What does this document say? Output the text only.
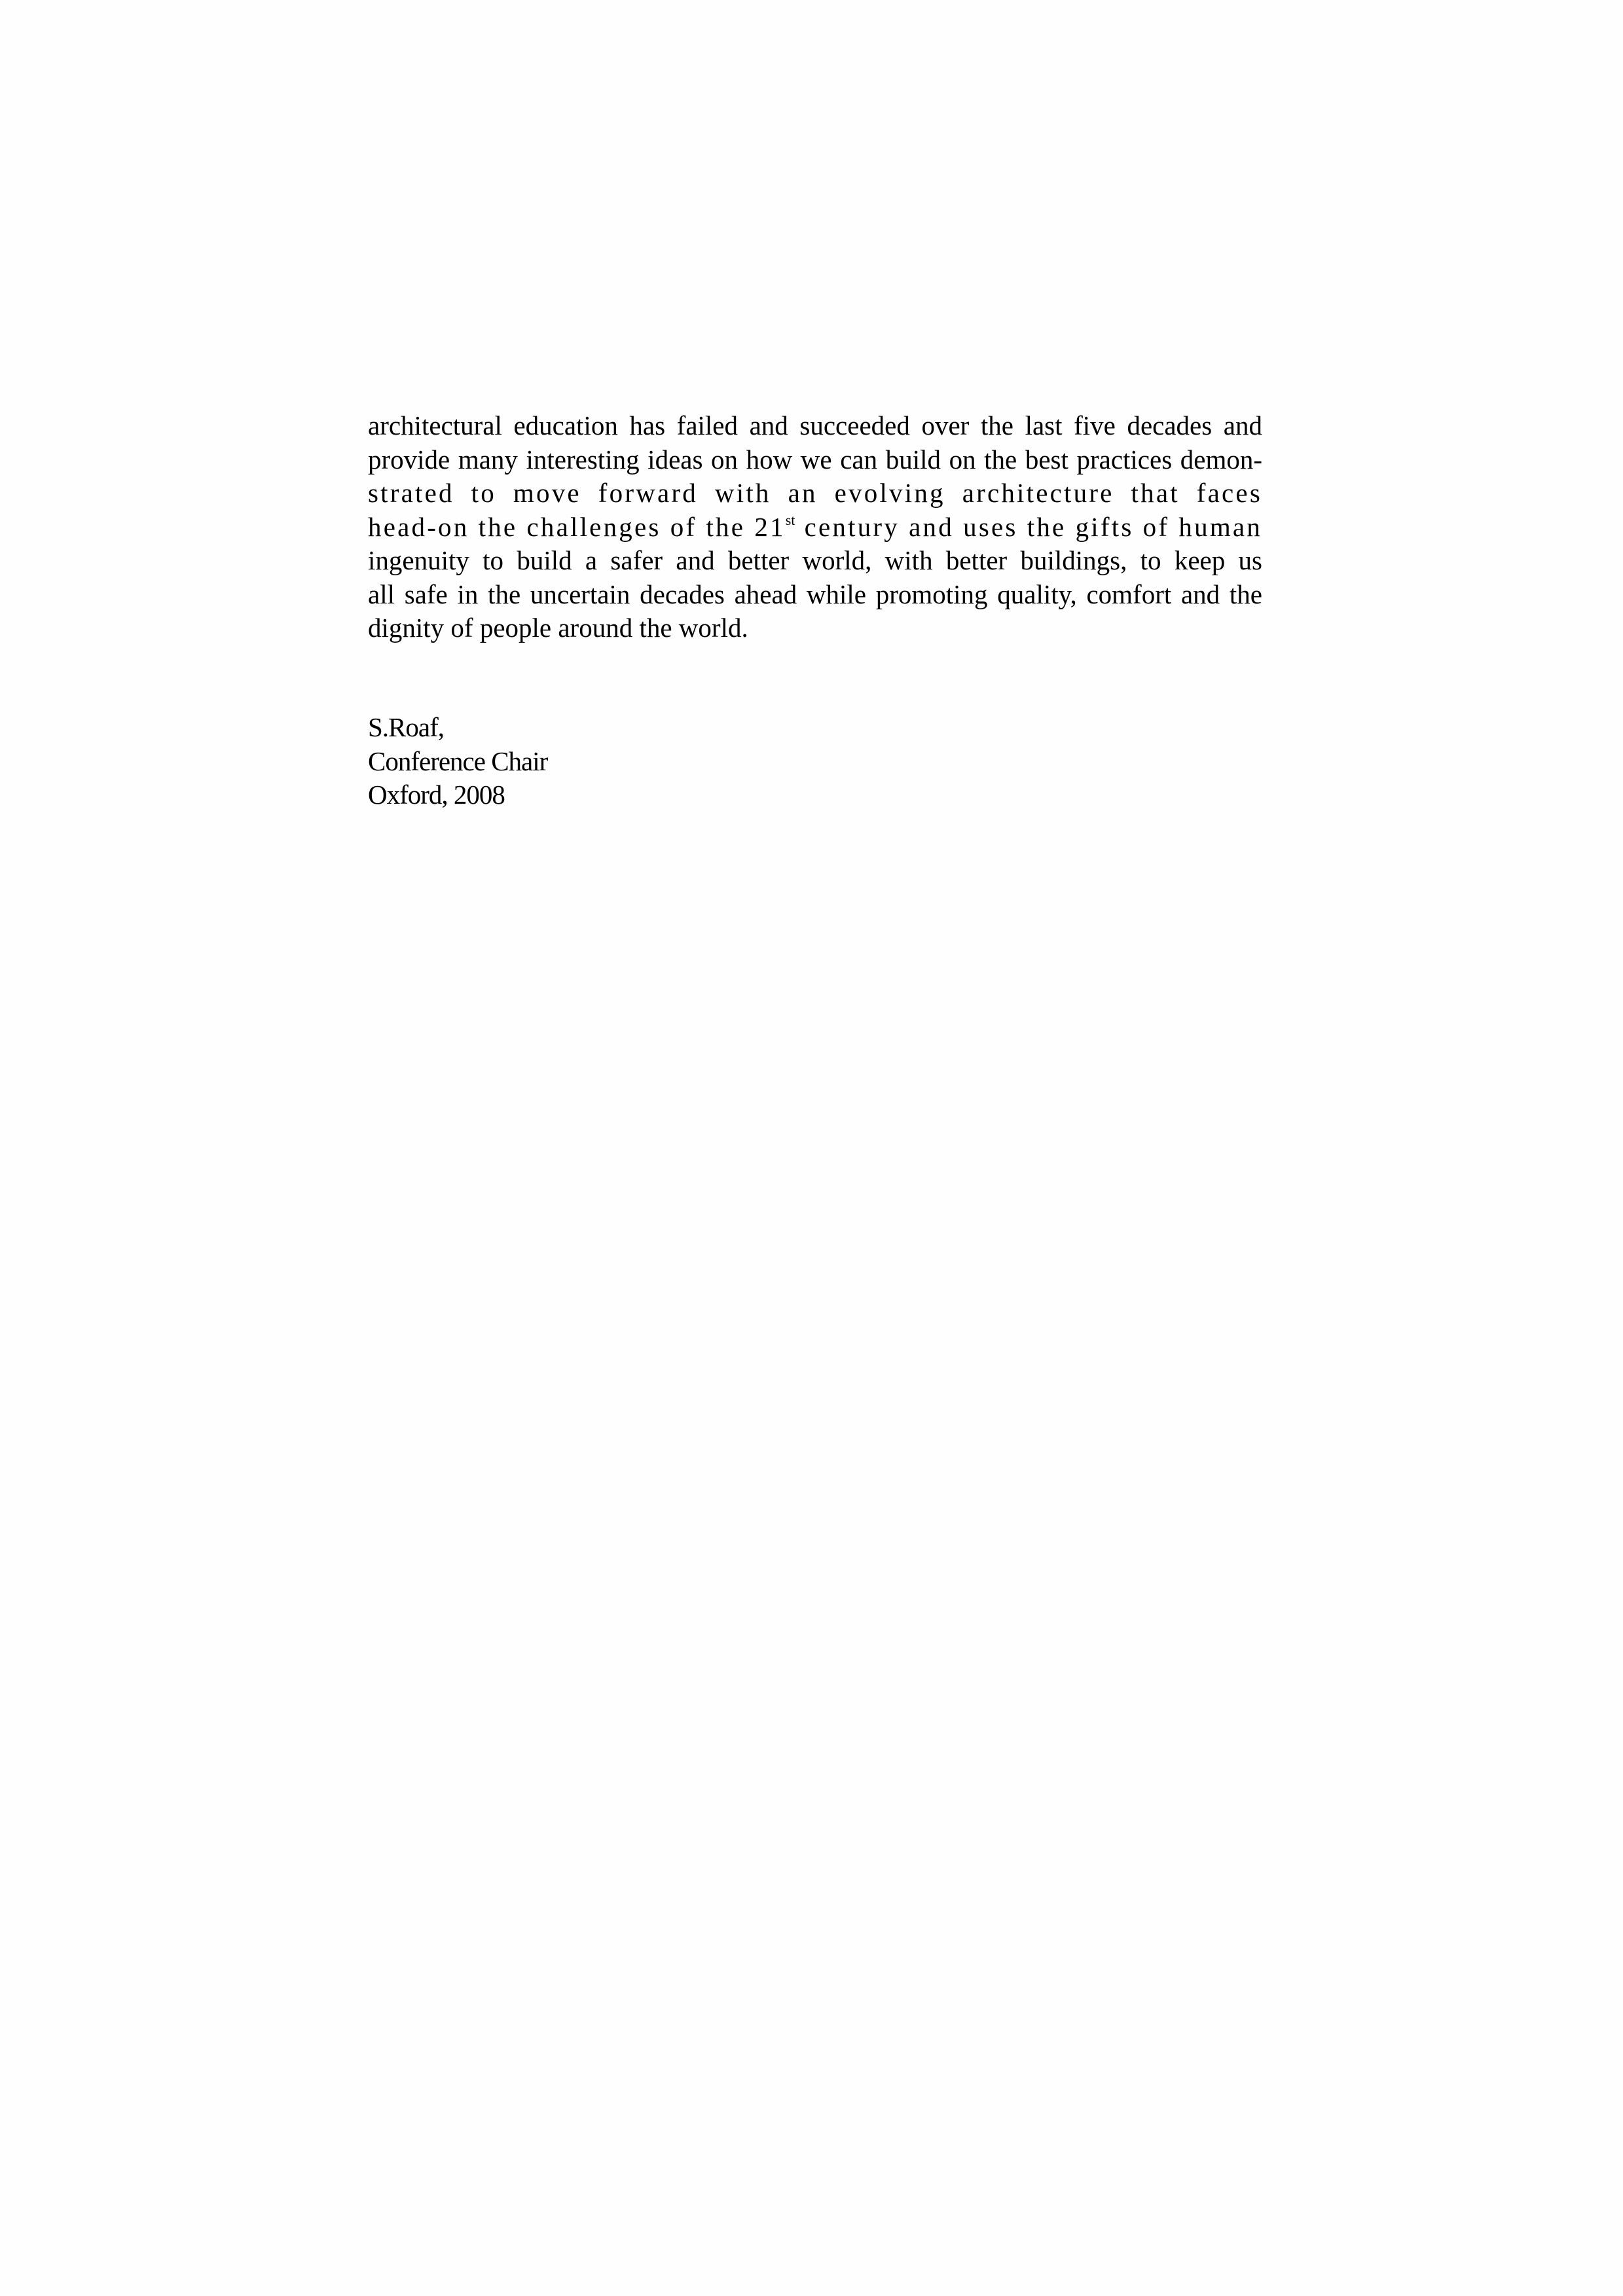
architectural education has failed and succeeded over the last five decades and
provide many interesting ideas on how we can build on the best practices demon-
strated to move forward with an evolving architecture that faces
head-on the challenges of the 21st century and uses the gifts of human
ingenuity to build a safer and better world, with better buildings, to keep us
all safe in the uncertain decades ahead while promoting quality, comfort and the
dignity of people around the world.
S.Roaf,
Conference Chair
Oxford, 2008
